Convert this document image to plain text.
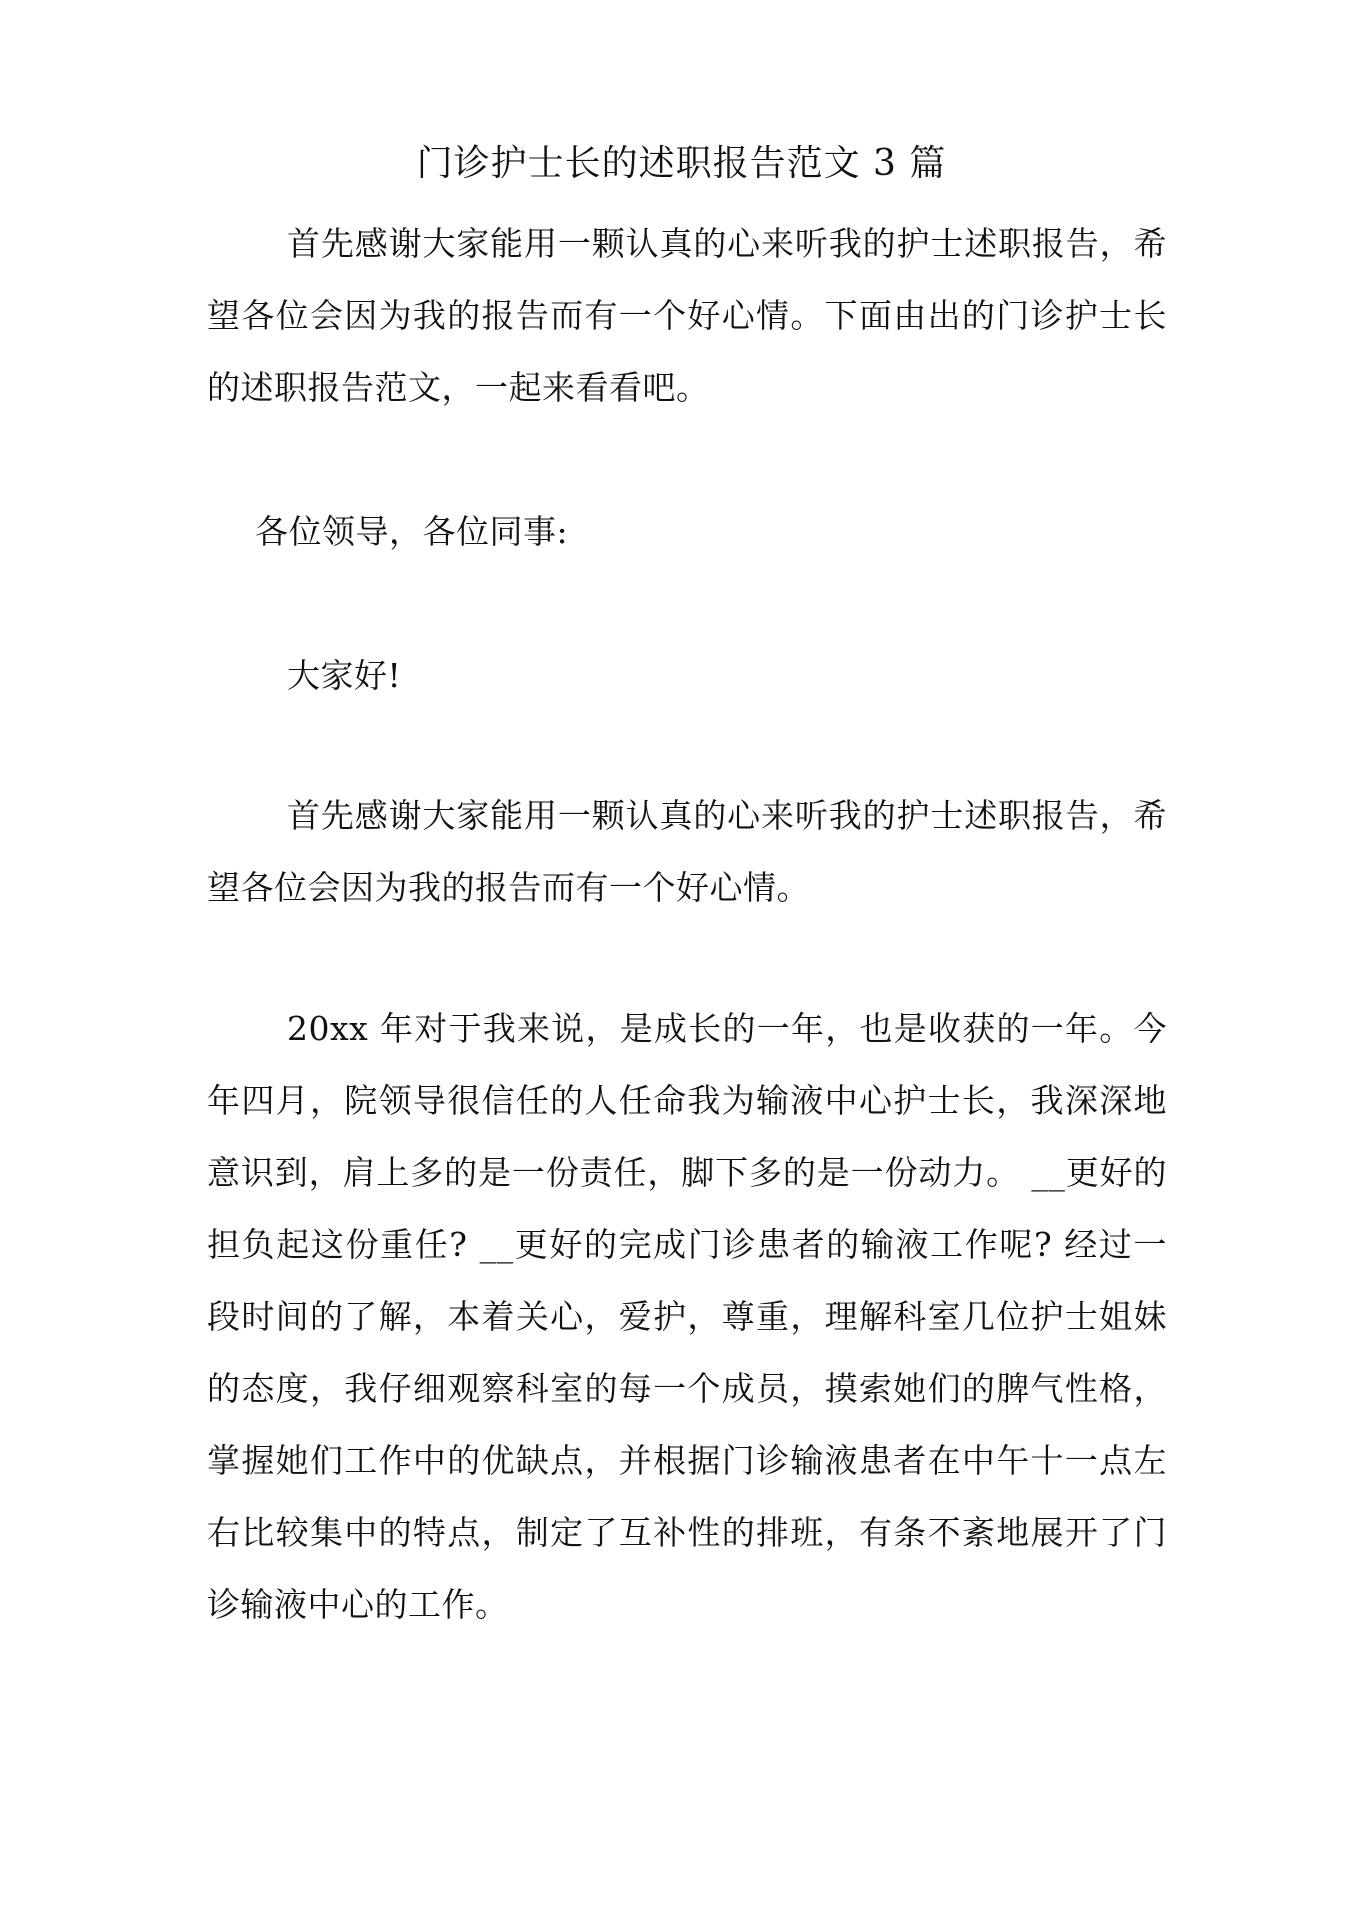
门诊护士长的述职报告范文 3 篇

首先感谢大家能用一颗认真的心来听我的护士述职报告，希望各位会因为我的报告而有一个好心情。下面由出的门诊护士长的述职报告范文，一起来看看吧。

各位领导，各位同事:

大家好!

首先感谢大家能用一颗认真的心来听我的护士述职报告，希望各位会因为我的报告而有一个好心情。

20xx 年对于我来说，是成长的一年，也是收获的一年。今年四月，院领导很信任的人任命我为输液中心护士长，我深深地意识到，肩上多的是一份责任，脚下多的是一份动力。 __更好的担负起这份重任? __更好的完成门诊患者的输液工作呢? 经过一段时间的了解，本着关心，爱护，尊重，理解科室几位护士姐妹的态度，我仔细观察科室的每一个成员，摸索她们的脾气性格，掌握她们工作中的优缺点，并根据门诊输液患者在中午十一点左右比较集中的特点，制定了互补性的排班，有条不紊地展开了门诊输液中心的工作。
